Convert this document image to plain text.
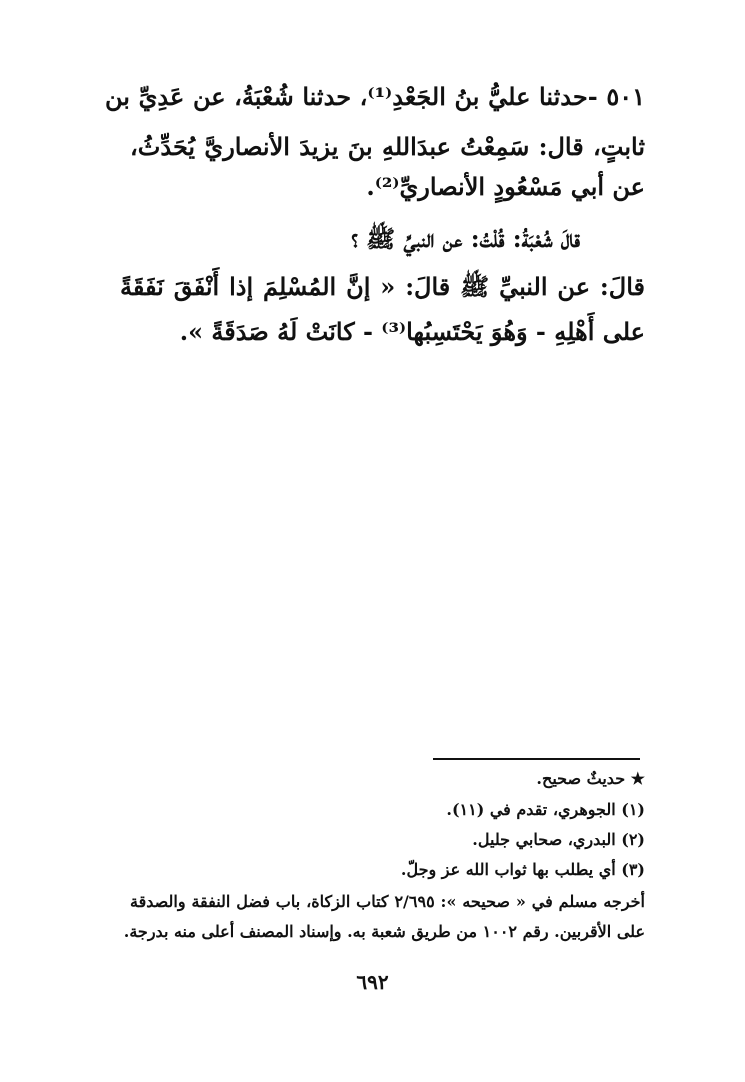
٥٠١ -حدثنا عليُّ بنُ الجَعْدِ⁽¹⁾، حدثنا شُعْبَةُ، عن عَدِيِّ بن
ثابتٍ، قال: سَمِعْتُ عبدَاللهِ بنَ يزيدَ الأنصاريَّ يُحَدِّثُ،
عن أبي مَسْعُودٍ الأنصاريِّ⁽²⁾.
قالَ شُعْبَةُ: قُلْتُ: عن النبيِّ ﷺ ؟
قالَ: عن النبيِّ ﷺ قالَ: « إنَّ المُسْلِمَ إذا أَنْفَقَ نَفَقَةً
على أَهْلِهِ - وَهُوَ يَحْتَسِبُها⁽³⁾ - كانَتْ لَهُ صَدَقَةً ».
★ حديثٌ صحيح.
(١) الجوهري، تقدم في (١١).
(٢) البدري، صحابي جليل.
(٣) أي يطلب بها ثواب الله عز وجلّ.
أخرجه مسلم في « صحيحه »: ٢/٦٩٥ كتاب الزكاة، باب فضل النفقة والصدقة
على الأقربين. رقم ١٠٠٢ من طريق شعبة به. وإسناد المصنف أعلى منه بدرجة.
٦٩٢
